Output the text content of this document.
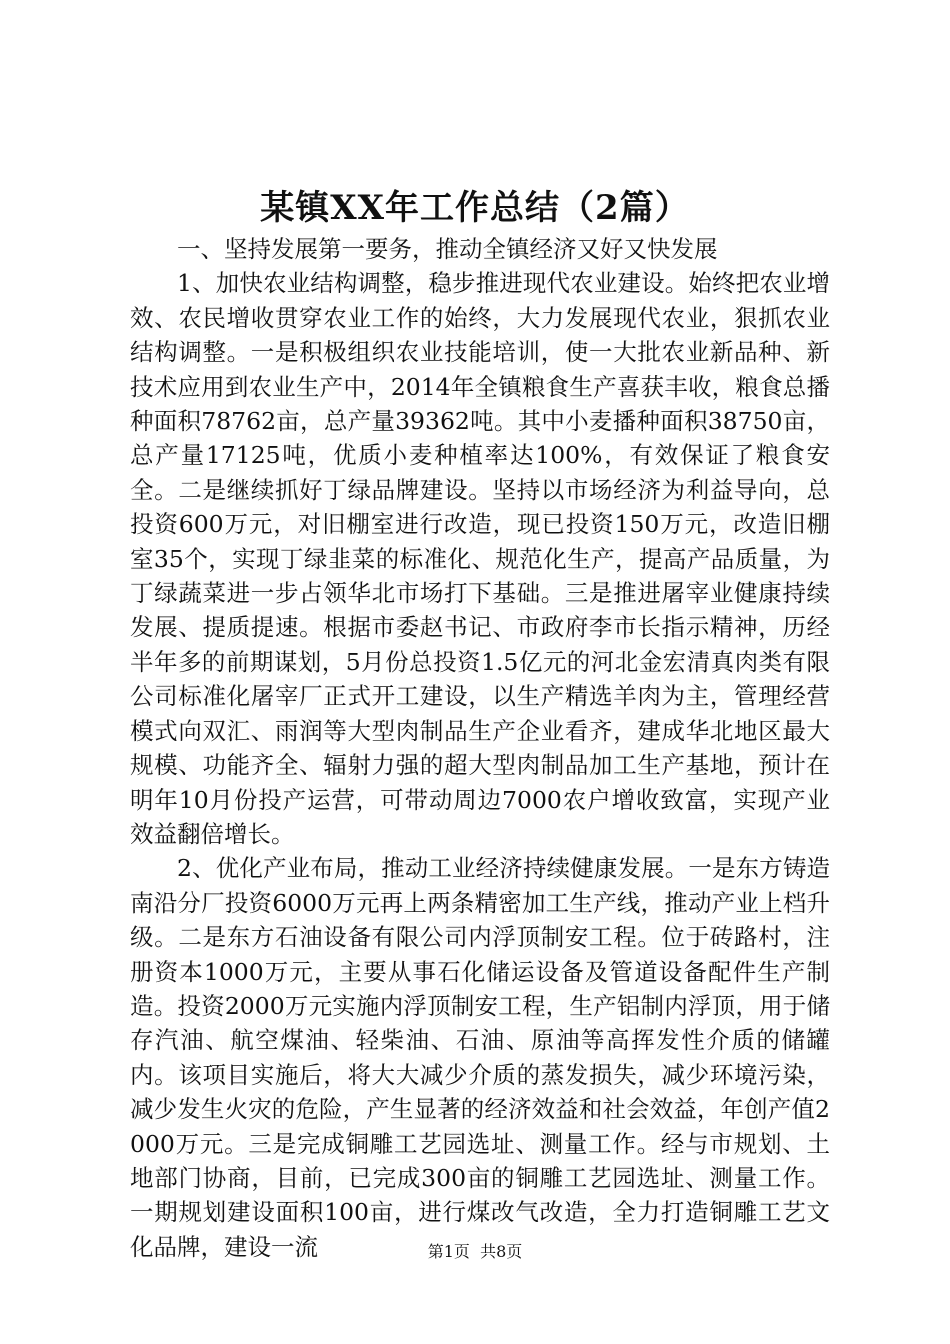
某镇XX年工作总结（2篇）

一、坚持发展第一要务，推动全镇经济又好又快发展

1、加快农业结构调整，稳步推进现代农业建设。始终把农业增效、农民增收贯穿农业工作的始终，大力发展现代农业，狠抓农业结构调整。一是积极组织农业技能培训，使一大批农业新品种、新技术应用到农业生产中，2014年全镇粮食生产喜获丰收，粮食总播种面积78762亩，总产量39362吨。其中小麦播种面积38750亩，总产量17125吨，优质小麦种植率达100%，有效保证了粮食安全。二是继续抓好丁绿品牌建设。坚持以市场经济为利益导向，总投资600万元，对旧棚室进行改造，现已投资150万元，改造旧棚室35个，实现丁绿韭菜的标准化、规范化生产，提高产品质量，为丁绿蔬菜进一步占领华北市场打下基础。三是推进屠宰业健康持续发展、提质提速。根据市委赵书记、市政府李市长指示精神，历经半年多的前期谋划，5月份总投资1.5亿元的河北金宏清真肉类有限公司标准化屠宰厂正式开工建设，以生产精选羊肉为主，管理经营模式向双汇、雨润等大型肉制品生产企业看齐，建成华北地区最大规模、功能齐全、辐射力强的超大型肉制品加工生产基地，预计在明年10月份投产运营，可带动周边7000农户增收致富，实现产业效益翻倍增长。

2、优化产业布局，推动工业经济持续健康发展。一是东方铸造南沿分厂投资6000万元再上两条精密加工生产线，推动产业上档升级。二是东方石油设备有限公司内浮顶制安工程。位于砖路村，注册资本1000万元，主要从事石化储运设备及管道设备配件生产制造。投资2000万元实施内浮顶制安工程，生产铝制内浮顶，用于储存汽油、航空煤油、轻柴油、石油、原油等高挥发性介质的储罐内。该项目实施后，将大大减少介质的蒸发损失，减少环境污染，减少发生火灾的危险，产生显著的经济效益和社会效益，年创产值2000万元。三是完成铜雕工艺园选址、测量工作。经与市规划、土地部门协商，目前，已完成300亩的铜雕工艺园选址、测量工作。一期规划建设面积100亩，进行煤改气改造，全力打造铜雕工艺文化品牌，建设一流	第1页 共8页
